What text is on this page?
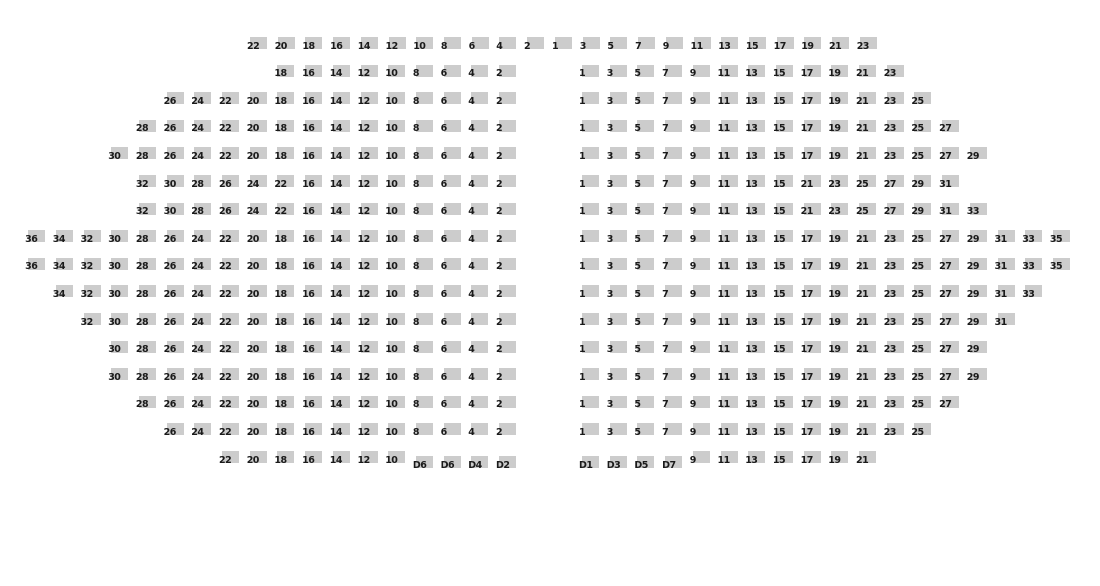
22 20 18 16 14 12 10 8 6 4 2 1 3 5 7 9 11 13 15 17 19 21 23
18 16 14 12 10 8 6 4 2	1 3 5 7 9 11 13 15 17 19 21 23
26 24 22 20 18 16 14 12 10 8 6 4 2	1 3 5 7 9 11 13 15 17 19 21 23 25
28 26 24 22 20 18 16 14 12 10 8 6 4 2	1 3 5 7 9 11 13 15 17 19 21 23 25 27
30 28 26 24 22 20 18 16 14 12 10 8 6 4 2	1 3 5 7 9 11 13 15 17 19 21 23 25 27 29
32 30 28 26 24 22 16 14 12 10 8 6 4 2	1 3 5 7 9 11 13 15 21 23 25 27 29 31
32 30 28 26 24 22 16 14 12 10 8 6 4 2	1 3 5 7 9 11 13 15 21 23 25 27 29 31 33
36 34 32 30 28 26 24 22 20 18 16 14 12 10 8 6 4 2	1 3 5 7 9 11 13 15 17 19 21 23 25 27 29 31 33 35
36 34 32 30 28 26 24 22 20 18 16 14 12 10 8 6 4 2	1 3 5 7 9 11 13 15 17 19 21 23 25 27 29 31 33 35
34 32 30 28 26 24 22 20 18 16 14 12 10 8 6 4 2	1 3 5 7 9 11 13 15 17 19 21 23 25 27 29 31 33
32 30 28 26 24 22 20 18 16 14 12 10 8 6 4 2	1 3 5 7 9 11 13 15 17 19 21 23 25 27 29 31
30 28 26 24 22 20 18 16 14 12 10 8 6 4 2	1 3 5 7 9 11 13 15 17 19 21 23 25 27 29
30 28 26 24 22 20 18 16 14 12 10 8 6 4 2	1 3 5 7 9 11 13 15 17 19 21 23 25 27 29
28 26 24 22 20 18 16 14 12 10 8 6 4 2	1 3 5 7 9 11 13 15 17 19 21 23 25 27
26 24 22 20 18 16 14 12 10 8 6 4 2	1 3 5 7 9 11 13 15 17 19 21 23 25
22 20 18 16 14 12 10 D6 D6 D4 D2	D1 D3 D5 D7 9 11 13 15 17 19 21
